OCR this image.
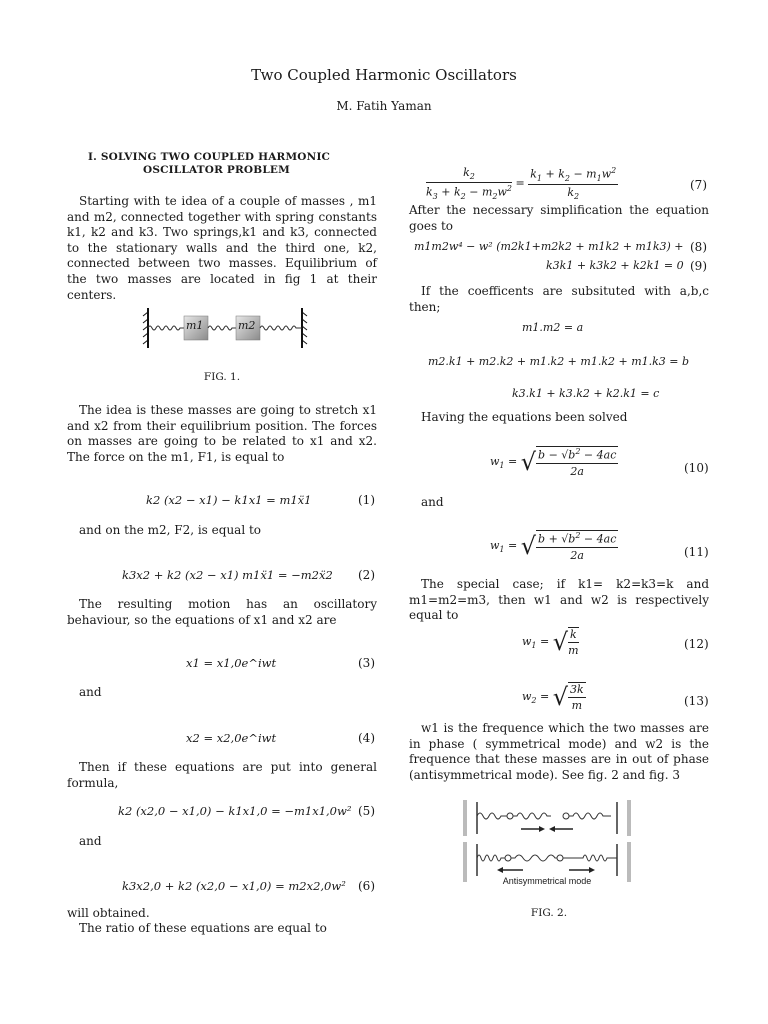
Two Coupled Harmonic Oscillators
M. Fatih Yaman
I. SOLVING TWO COUPLED HARMONIC
OSCILLATOR PROBLEM

Starting with te idea of a couple of masses , m1 and m2, connected together with spring constants k1, k2 and k3. Two springs,k1 and k3, connected to the stationary walls and the third one, k2, connected between two masses. Equilibrium of the two masses are located in fig 1 at their centers.

m1	m2
FIG. 1.

The idea is these masses are going to stretch x1 and x2 from their equilibrium position. The forces on masses are going to be related to x1 and x2. The force on the m1, F1, is equal to

k2 (x2 − x1) − k1x1 = m1ẍ1	(1)

and on the m2, F2, is equal to

k3x2 + k2 (x2 − x1) m1ẍ1 = −m2ẍ2 (2)

The resulting motion has an oscillatory behaviour, so the equations of x1 and x2 are

x1 = x1,0e^iwt	(3)

and

x2 = x2,0e^iwt	(4)

Then if these equations are put into general formula,

k2 (x2,0 − x1,0) − k1x1,0 = −m1x1,0w² (5)

and

k3x2,0 + k2 (x2,0 − x1,0) = m2x2,0w² (6)

will obtained.

The ratio of these equations are equal to

$\frac{k_2}{k_3 + k_2 - m_2w^2} = \frac{k_1 + k_2 - m_1w^2}{k_2}$	(7)

After the necessary simplification the equation goes to

m1m2w⁴ − w² (m2k1+m2k2 + m1k2 + m1k3) + (8)
k3k1 + k3k2 + k2k1 = 0 (9)

If the coefficents are subsituted with a,b,c then;

m1.m2 = a
m2.k1 + m2.k2 + m1.k2 + m1.k2 + m1.k3 = b
k3.k1 + k3.k2 + k2.k1 = c

Having the equations been solved

$w_1$ = √ $\frac{b - √b^2 - 4ac}{2a}$	(10)

and

$w_1$ = √ $\frac{b + √b^2 - 4ac}{2a}$	(11)

The special case; if k1= k2=k3=k and m1=m2=m3, then w1 and w2 is respectively equal to

$w_1$ = √ $\frac{k}{m}$	(12)
$w_2$ = √ $\frac{3k}{m}$	(13)

w1 is the frequence which the two masses are in phase ( symmetrical mode) and w2 is the frequence that these masses are in out of phase (antisymmetrical mode). See fig. 2 and fig. 3

Antisymmetrical mode
FIG. 2.
